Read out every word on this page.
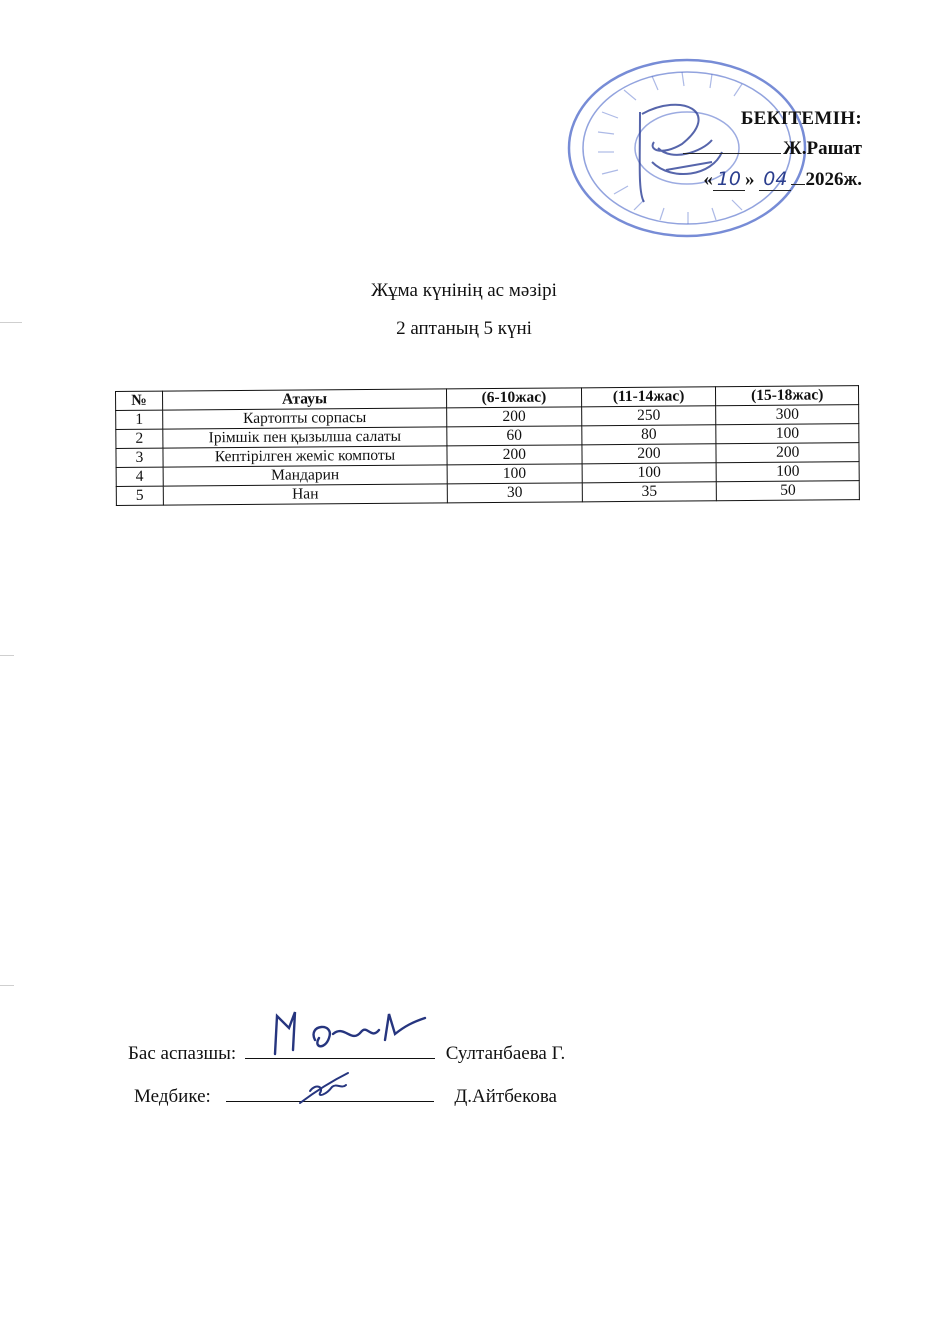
БЕКІТЕМІН:
Ж.Рашат
« 10 » 04 2026ж.
Жұма күнінің ас мәзірі
2 аптаның 5 күні
№	Атауы	(6-10жас)	(11-14жас)	(15-18жас)
1	Картопты сорпасы	200	250	300
2	Ірімшік пен қызылша салаты	60	80	100
3	Кептірілген жеміс компоты	200	200	200
4	Мандарин	100	100	100
5	Нан	30	35	50
Бас аспазшы:	Султанбаева Г.
Медбике:	Д.Айтбекова
